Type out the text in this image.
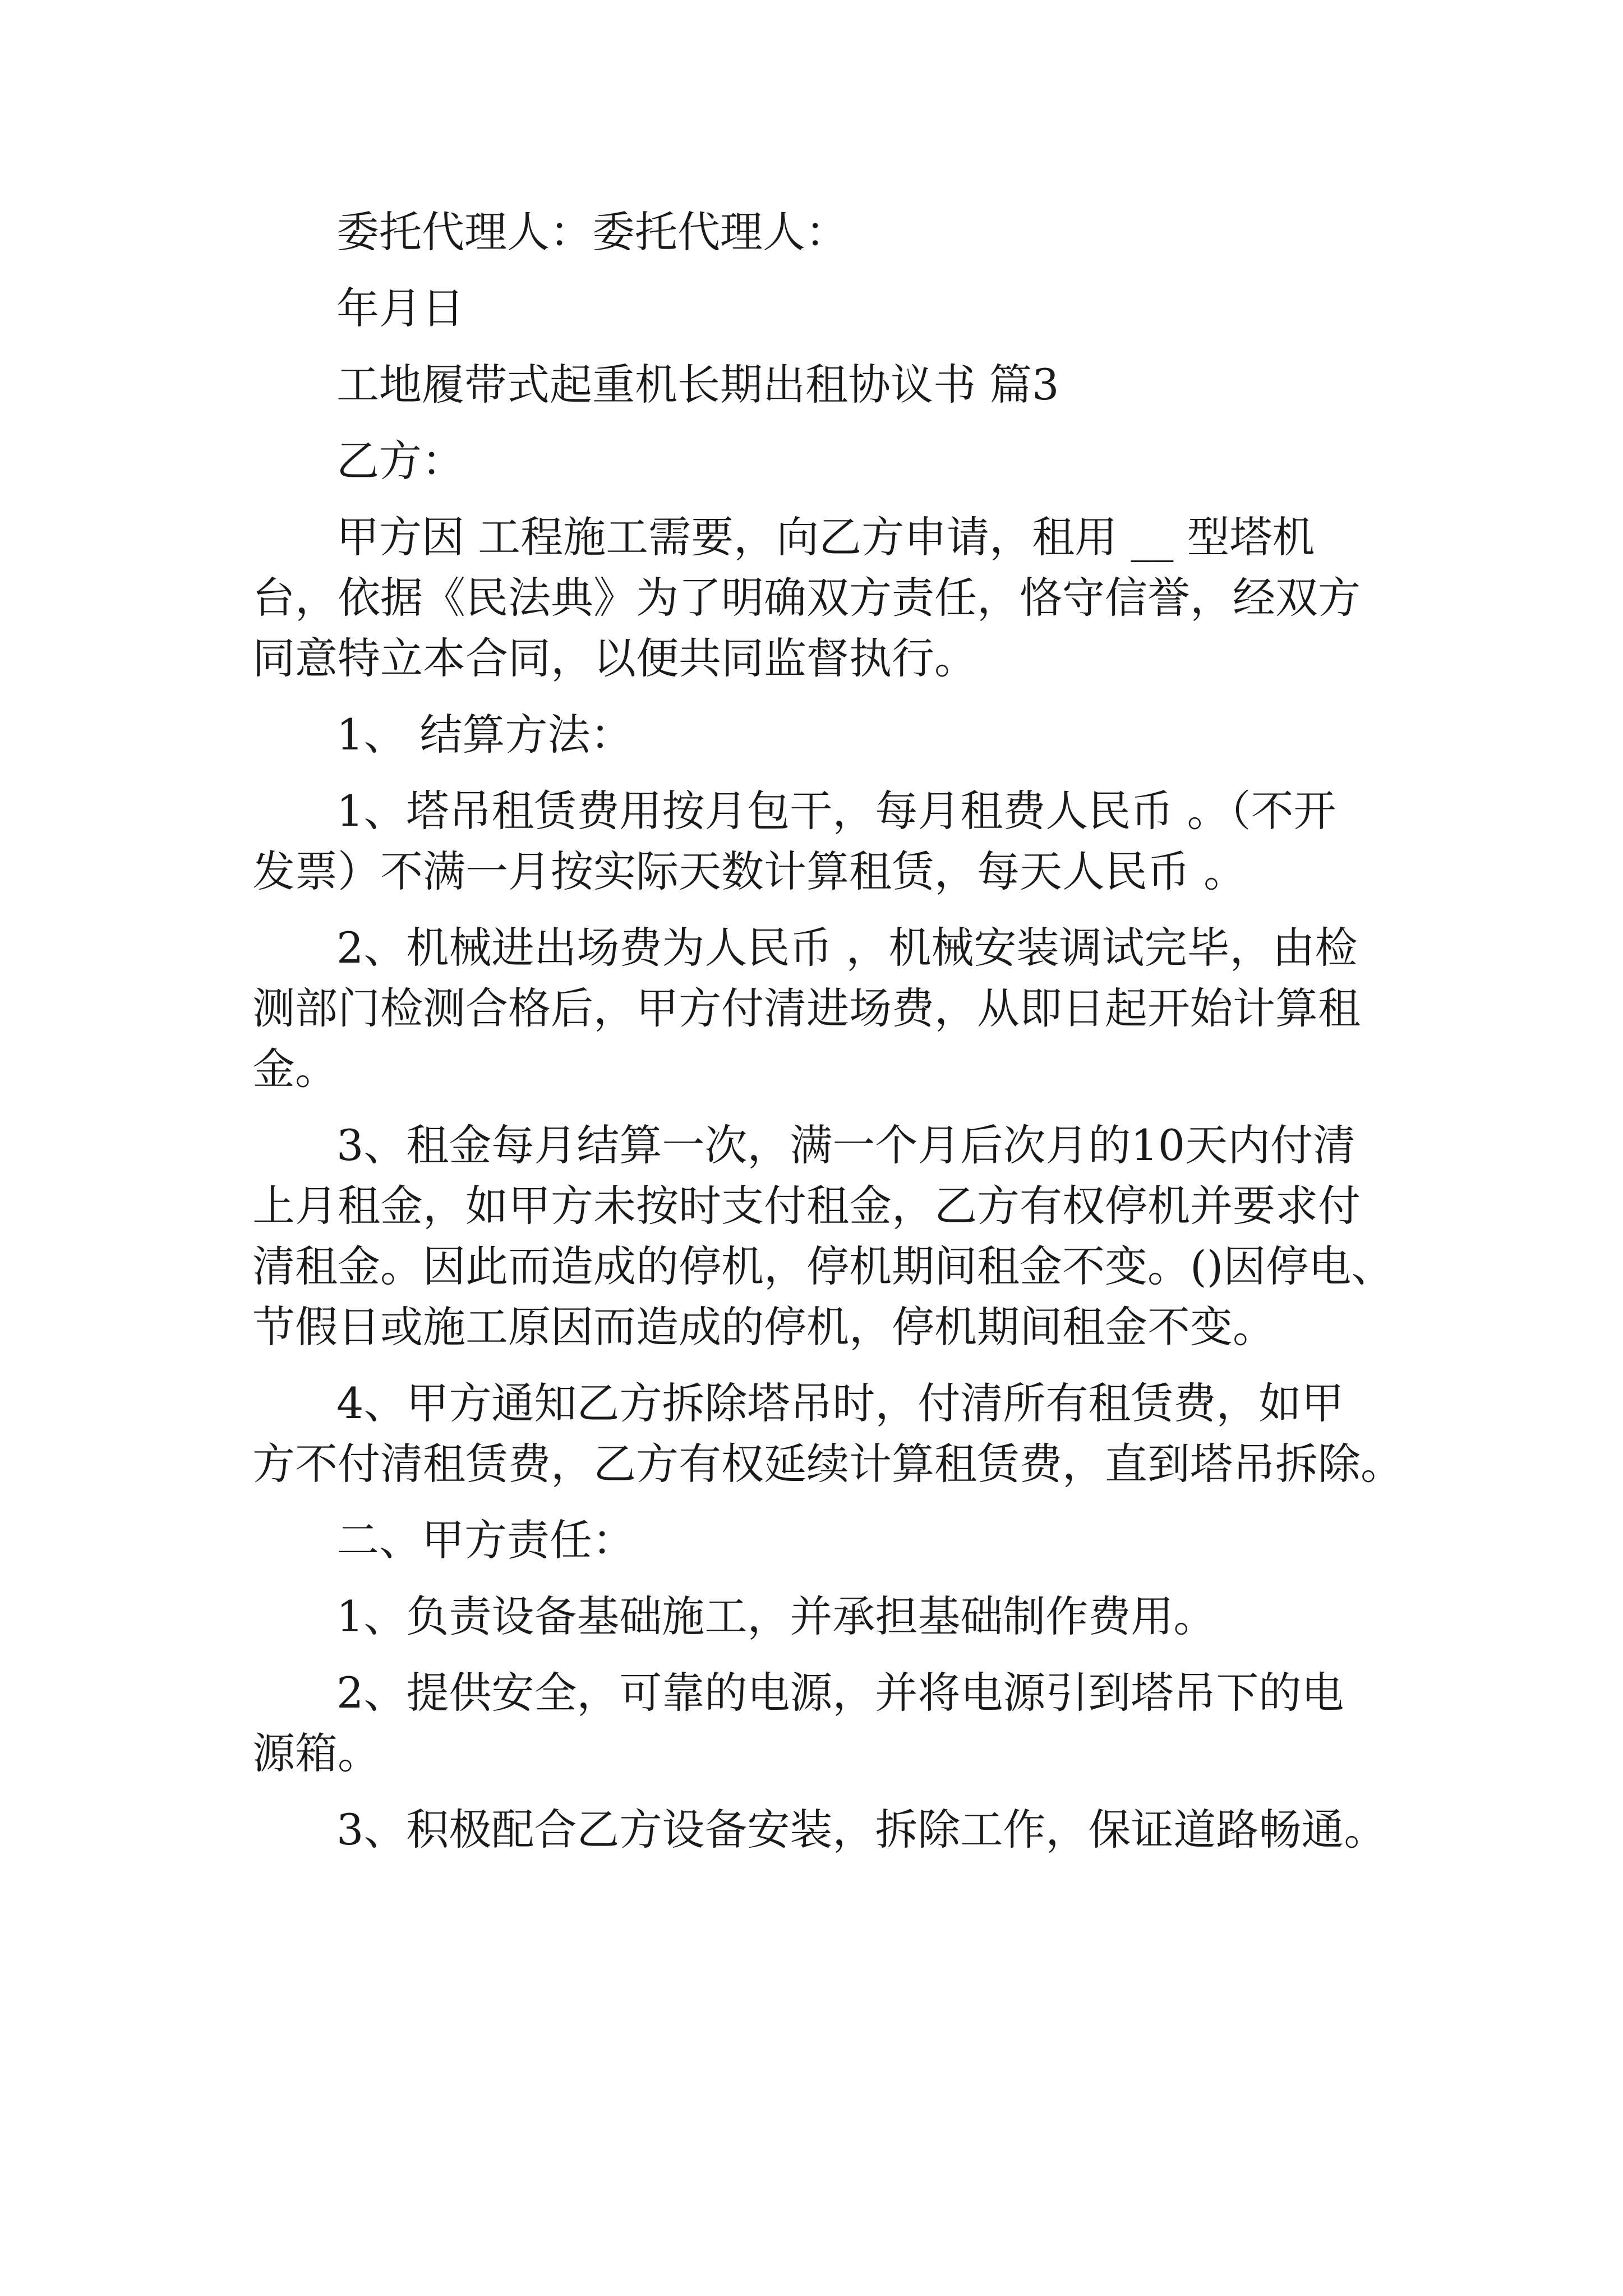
委托代理人：委托代理人：

年月日

工地履带式起重机长期出租协议书 篇3

乙方：

甲方因 工程施工需要，向乙方申请，租用 __ 型塔机

台，依据《民法典》为了明确双方责任，恪守信誉，经双方

同意特立本合同，以便共同监督执行。

1、 结算方法：

1、塔吊租赁费用按月包干，每月租费人民币 。（不开

发票）不满一月按实际天数计算租赁，每天人民币 。

2、机械进出场费为人民币 ，机械安装调试完毕，由检

测部门检测合格后，甲方付清进场费，从即日起开始计算租

金。

3、租金每月结算一次，满一个月后次月的10天内付清

上月租金，如甲方未按时支付租金，乙方有权停机并要求付

清租金。因此而造成的停机，停机期间租金不变。()因停电、

节假日或施工原因而造成的停机，停机期间租金不变。

4、甲方通知乙方拆除塔吊时，付清所有租赁费，如甲

方不付清租赁费，乙方有权延续计算租赁费，直到塔吊拆除。

二、甲方责任：

1、负责设备基础施工，并承担基础制作费用。

2、提供安全，可靠的电源，并将电源引到塔吊下的电

源箱。

3、积极配合乙方设备安装，拆除工作，保证道路畅通。
